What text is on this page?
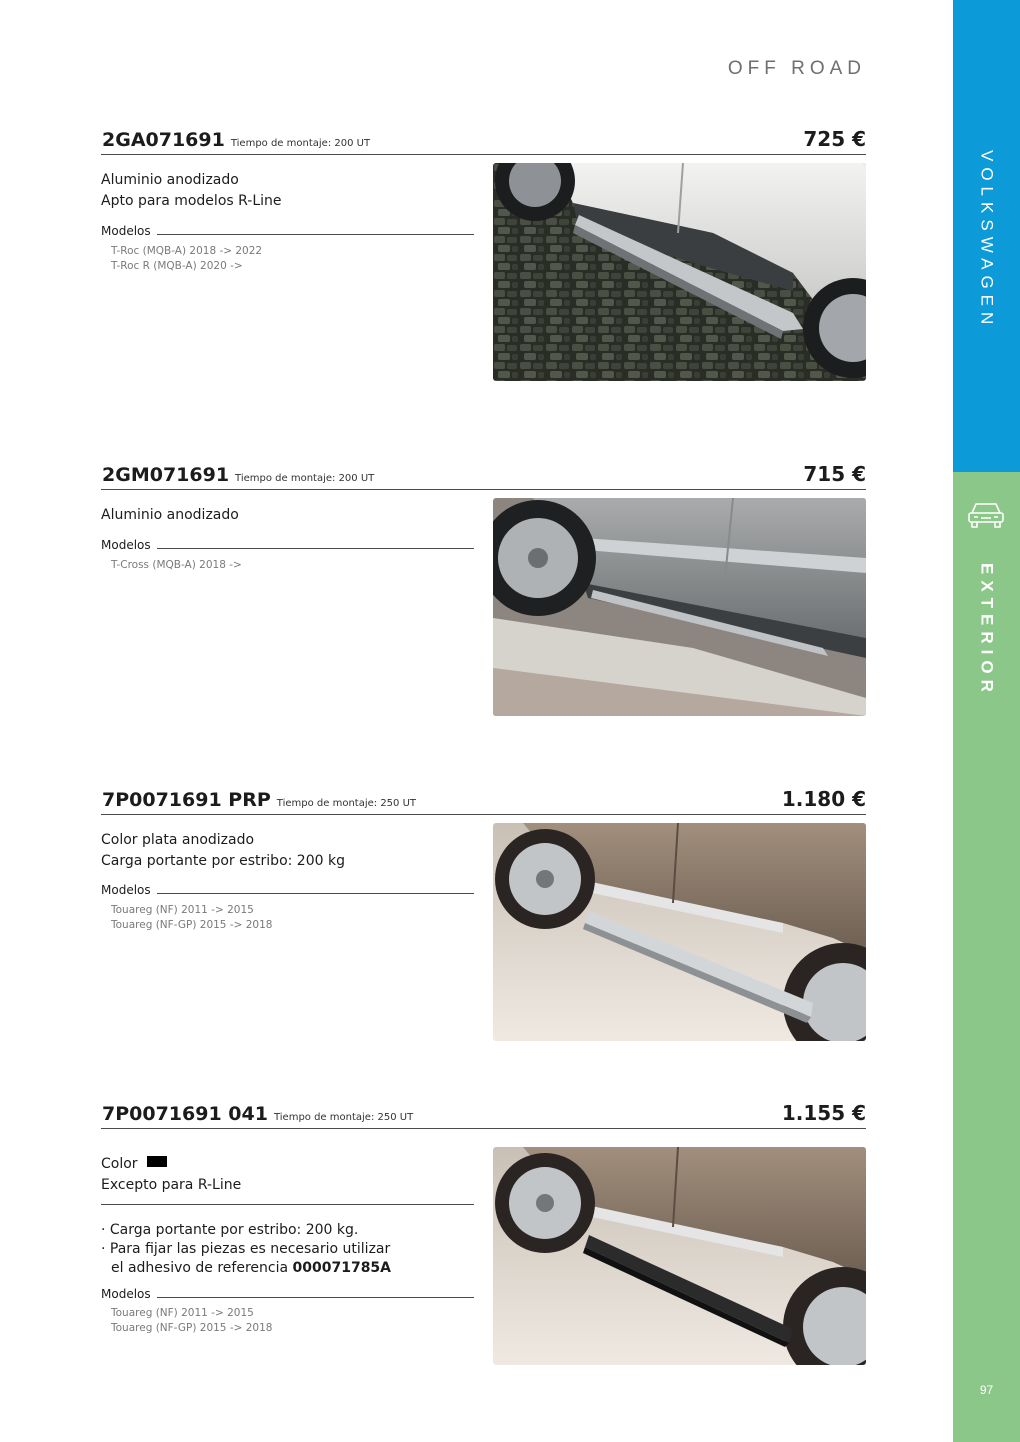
OFF ROAD
VOLKSWAGEN
EXTERIOR
97
2GA071691 Tiempo de montaje: 200 UT	725 €
Aluminio anodizado
Apto para modelos R-Line
Modelos
T-Roc (MQB-A) 2018 -> 2022
T-Roc R (MQB-A) 2020 ->
2GM071691 Tiempo de montaje: 200 UT	715 €
Aluminio anodizado
Modelos
T-Cross (MQB-A) 2018 ->
7P0071691 PRP Tiempo de montaje: 250 UT	1.180 €
Color plata anodizado
Carga portante por estribo: 200 kg
Modelos
Touareg (NF) 2011 -> 2015
Touareg (NF-GP) 2015 -> 2018
7P0071691 041 Tiempo de montaje: 250 UT	1.155 €
Color
Excepto para R-Line
· Carga portante por estribo: 200 kg.
· Para fijar las piezas es necesario utilizar
el adhesivo de referencia 000071785A
Modelos
Touareg (NF) 2011 -> 2015
Touareg (NF-GP) 2015 -> 2018
